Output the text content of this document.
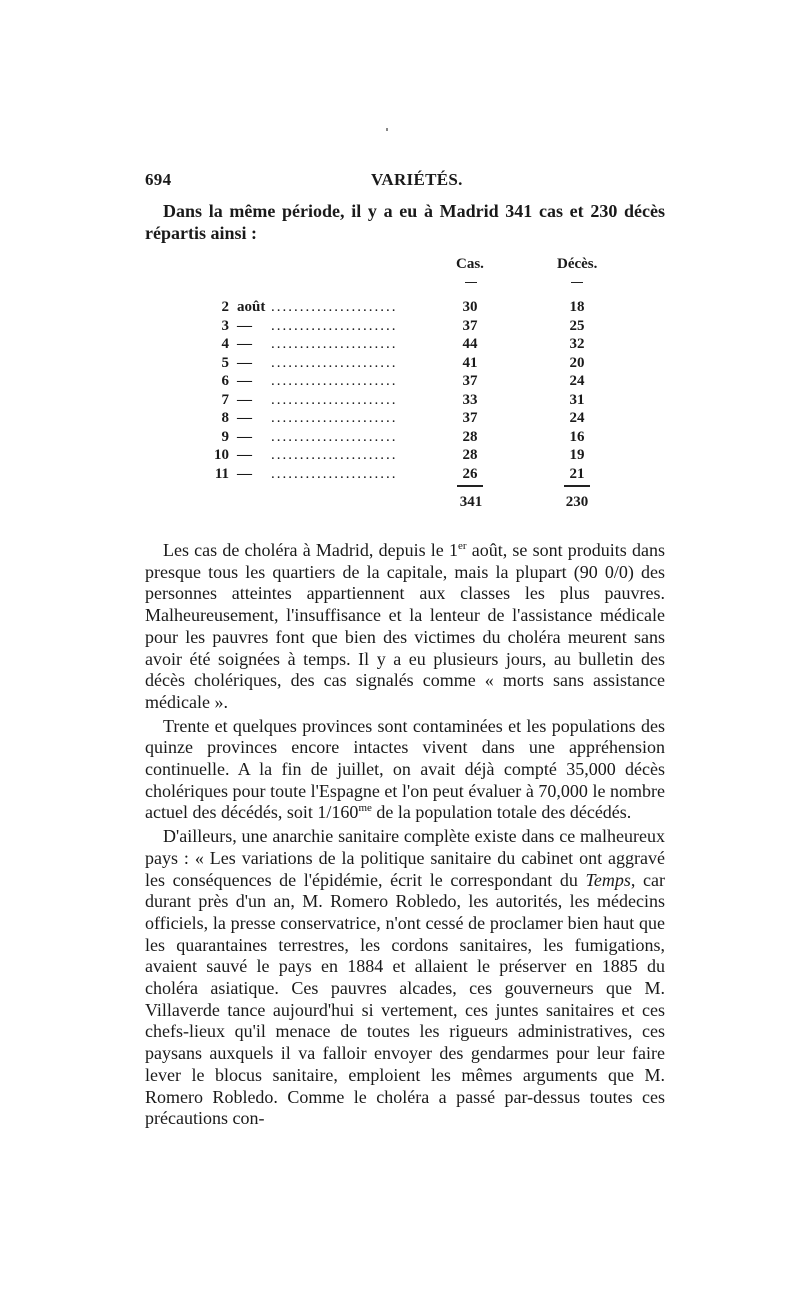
694	VARIÉTÉS.

Dans la même période, il y a eu à Madrid 341 cas et 230 décès répartis ainsi :

Cas.	Décès.
2 août ......................	30	18
3 — ......................	37	25
4 — ......................	44	32
5 — ......................	41	20
6 — ......................	37	24
7 — ......................	33	31
8 — ......................	37	24
9 — ......................	28	16
10 — ......................	28	19
11 — ......................	26	21
341	230

Les cas de choléra à Madrid, depuis le 1er août, se sont produits dans presque tous les quartiers de la capitale, mais la plupart (90 0/0) des personnes atteintes appartiennent aux classes les plus pauvres. Malheureusement, l'insuffisance et la lenteur de l'assistance médicale pour les pauvres font que bien des victimes du choléra meurent sans avoir été soignées à temps. Il y a eu plusieurs jours, au bulletin des décès cholériques, des cas signalés comme « morts sans assistance médicale ».

Trente et quelques provinces sont contaminées et les populations des quinze provinces encore intactes vivent dans une appréhension continuelle. A la fin de juillet, on avait déjà compté 35,000 décès cholériques pour toute l'Espagne et l'on peut évaluer à 70,000 le nombre actuel des décédés, soit $1/160^{me}$ de la population totale des décédés.

D'ailleurs, une anarchie sanitaire complète existe dans ce malheureux pays : « Les variations de la politique sanitaire du cabinet ont aggravé les conséquences de l'épidémie, écrit le correspondant du Temps, car durant près d'un an, M. Romero Robledo, les autorités, les médecins officiels, la presse conservatrice, n'ont cessé de proclamer bien haut que les quarantaines terrestres, les cordons sanitaires, les fumigations, avaient sauvé le pays en 1884 et allaient le préserver en 1885 du choléra asiatique. Ces pauvres alcades, ces gouverneurs que M. Villaverde tance aujourd'hui si vertement, ces juntes sanitaires et ces chefs-lieux qu'il menace de toutes les rigueurs administratives, ces paysans auxquels il va falloir envoyer des gendarmes pour leur faire lever le blocus sanitaire, emploient les mêmes arguments que M. Romero Robledo. Comme le choléra a passé par-dessus toutes ces précautions con-
